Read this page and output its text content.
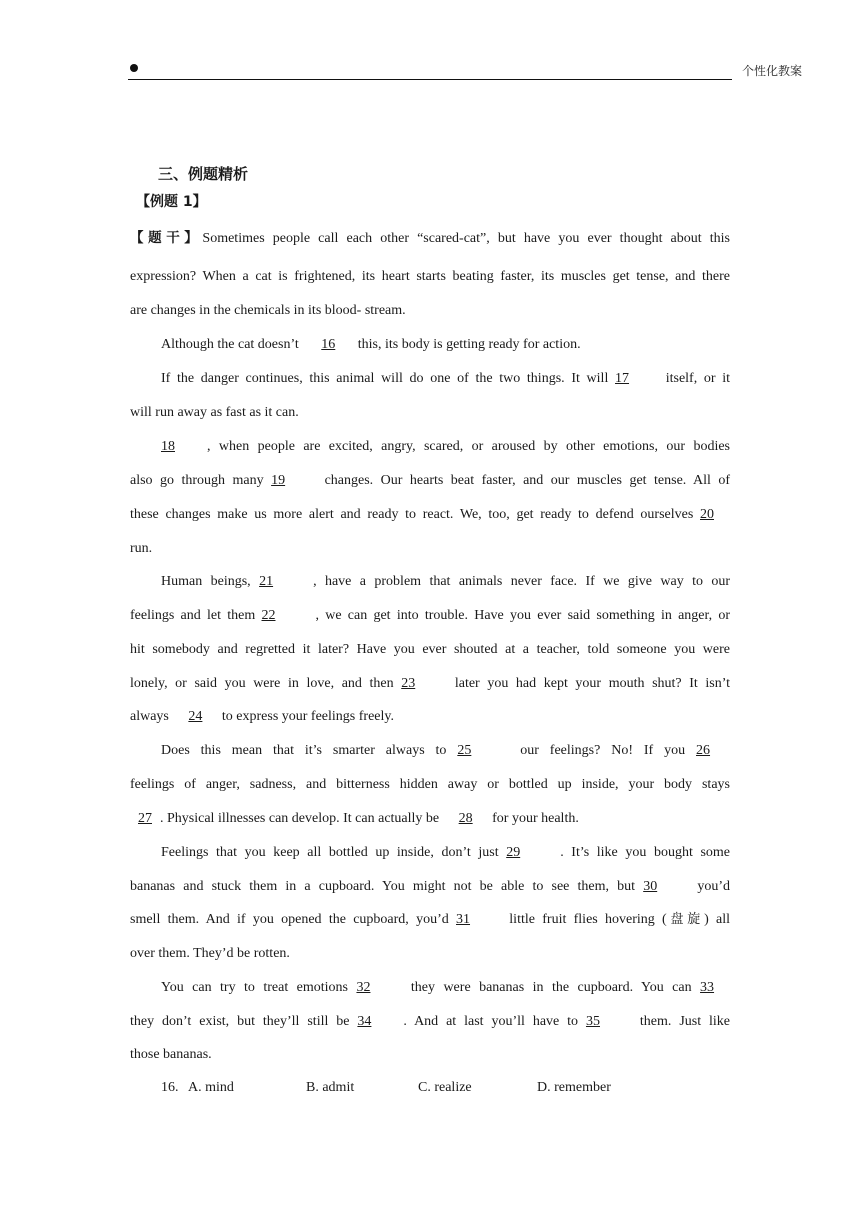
个性化教案
三、例题精析
【例题 1】
【题干】Sometimes people call each other “scared-cat”, but have you ever thought about this
expression? When a cat is frightened, its heart starts beating faster, its muscles get tense, and there
are changes in the chemicals in its blood- stream.
Although the cat doesn’t 16 this, its body is getting ready for action.
If the danger continues, this animal will do one of the two things. It will 17	itself, or it
will run away as fast as it can.
18 , when people are excited, angry, scared, or aroused by other emotions, our bodies
also go through many 19	changes. Our hearts beat faster, and our muscles get tense. All of
these changes make us more alert and ready to react. We, too, get ready to defend ourselves 20
run.
Human beings, 21	, have a problem that animals never face. If we give way to our
feelings and let them 22	, we can get into trouble. Have you ever said something in anger, or
hit somebody and regretted it later? Have you ever shouted at a teacher, told someone you were
lonely, or said you were in love, and then 23	later you had kept your mouth shut? It isn’t
always 24 to express your feelings freely.
Does this mean that it’s smarter always to 25	our feelings? No! If you 26
feelings of anger, sadness, and bitterness hidden away or bottled up inside, your body stays
27 . Physical illnesses can develop. It can actually be 28 for your health.
Feelings that you keep all bottled up inside, don’t just 29	. It’s like you bought some
bananas and stuck them in a cupboard. You might not be able to see them, but 30	you’d
smell them. And if you opened the cupboard, you’d 31	little fruit flies hovering (盘旋) all
over them. They’d be rotten.
You can try to treat emotions 32	they were bananas in the cupboard. You can 33
they don’t exist, but they’ll still be 34 . And at last you’ll have to 35	them. Just like
those bananas.
16. A. mind	B. admit	C. realize	D. remember
